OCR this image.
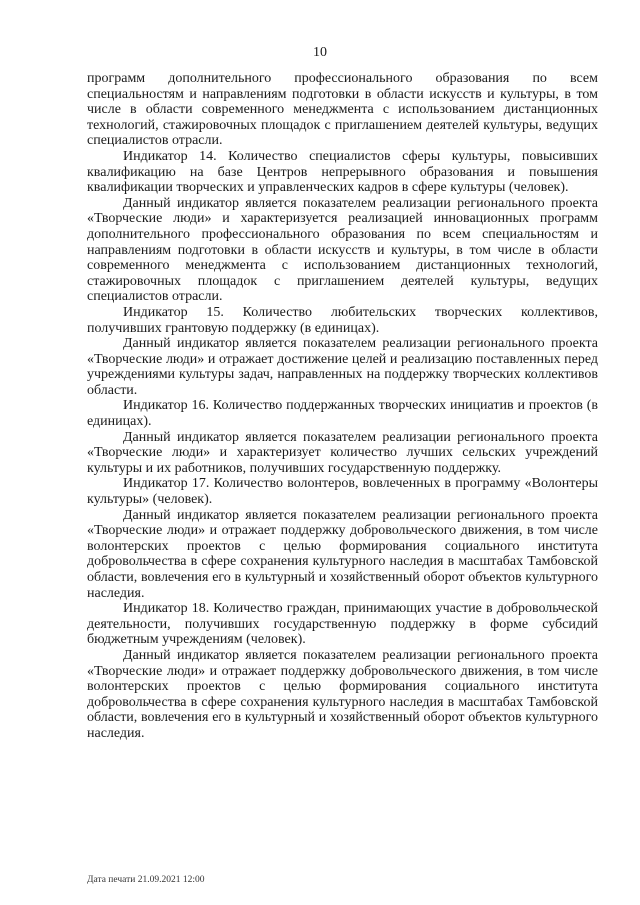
10

программ дополнительного профессионального образования по всем специальностям и направлениям подготовки в области искусств и культуры, в том числе в области современного менеджмента с использованием дистанционных технологий, стажировочных площадок с приглашением деятелей культуры, ведущих специалистов отрасли.

Индикатор 14. Количество специалистов сферы культуры, повысивших квалификацию на базе Центров непрерывного образования и повышения квалификации творческих и управленческих кадров в сфере культуры (человек).

Данный индикатор является показателем реализации регионального проекта «Творческие люди» и характеризуется реализацией инновационных программ дополнительного профессионального образования по всем специальностям и направлениям подготовки в области искусств и культуры, в том числе в области современного менеджмента с использованием дистанционных технологий, стажировочных площадок с приглашением деятелей культуры, ведущих специалистов отрасли.

Индикатор 15. Количество любительских творческих коллективов, получивших грантовую поддержку (в единицах).

Данный индикатор является показателем реализации регионального проекта «Творческие люди» и отражает достижение целей и реализацию поставленных перед учреждениями культуры задач, направленных на поддержку творческих коллективов области.

Индикатор 16. Количество поддержанных творческих инициатив и проектов (в единицах).

Данный индикатор является показателем реализации регионального проекта «Творческие люди» и характеризует количество лучших сельских учреждений культуры и их работников, получивших государственную поддержку.

Индикатор 17. Количество волонтеров, вовлеченных в программу «Волонтеры культуры» (человек).

Данный индикатор является показателем реализации регионального проекта «Творческие люди» и отражает поддержку добровольческого движения, в том числе волонтерских проектов с целью формирования социального института добровольчества в сфере сохранения культурного наследия в масштабах Тамбовской области, вовлечения его в культурный и хозяйственный оборот объектов культурного наследия.

Индикатор 18. Количество граждан, принимающих участие в добровольческой деятельности, получивших государственную поддержку в форме субсидий бюджетным учреждениям (человек).

Данный индикатор является показателем реализации регионального проекта «Творческие люди» и отражает поддержку добровольческого движения, в том числе волонтерских проектов с целью формирования социального института добровольчества в сфере сохранения культурного наследия в масштабах Тамбовской области, вовлечения его в культурный и хозяйственный оборот объектов культурного наследия.

Дата печати 21.09.2021 12:00
